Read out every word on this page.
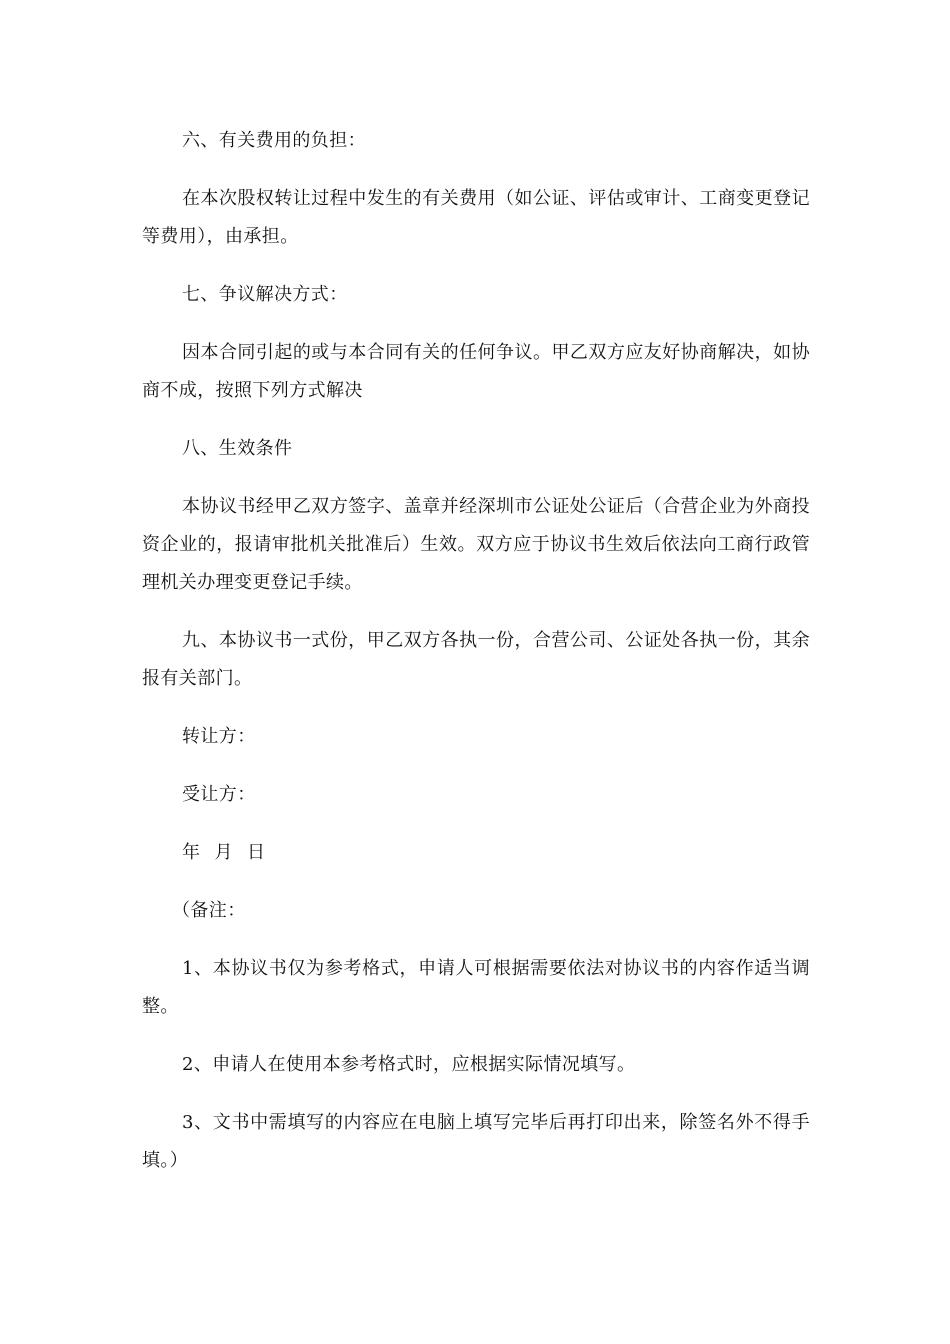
六、有关费用的负担：

在本次股权转让过程中发生的有关费用（如公证、评估或审计、工商变更登记等费用），由承担。

七、争议解决方式：

因本合同引起的或与本合同有关的任何争议。甲乙双方应友好协商解决，如协商不成，按照下列方式解决

八、生效条件

本协议书经甲乙双方签字、盖章并经深圳市公证处公证后（合营企业为外商投资企业的，报请审批机关批准后）生效。双方应于协议书生效后依法向工商行政管理机关办理变更登记手续。

九、本协议书一式份，甲乙双方各执一份，合营公司、公证处各执一份，其余报有关部门。

转让方：

受让方：

年 月 日

（备注：

1、本协议书仅为参考格式，申请人可根据需要依法对协议书的内容作适当调整。

2、申请人在使用本参考格式时，应根据实际情况填写。

3、文书中需填写的内容应在电脑上填写完毕后再打印出来，除签名外不得手填。）
